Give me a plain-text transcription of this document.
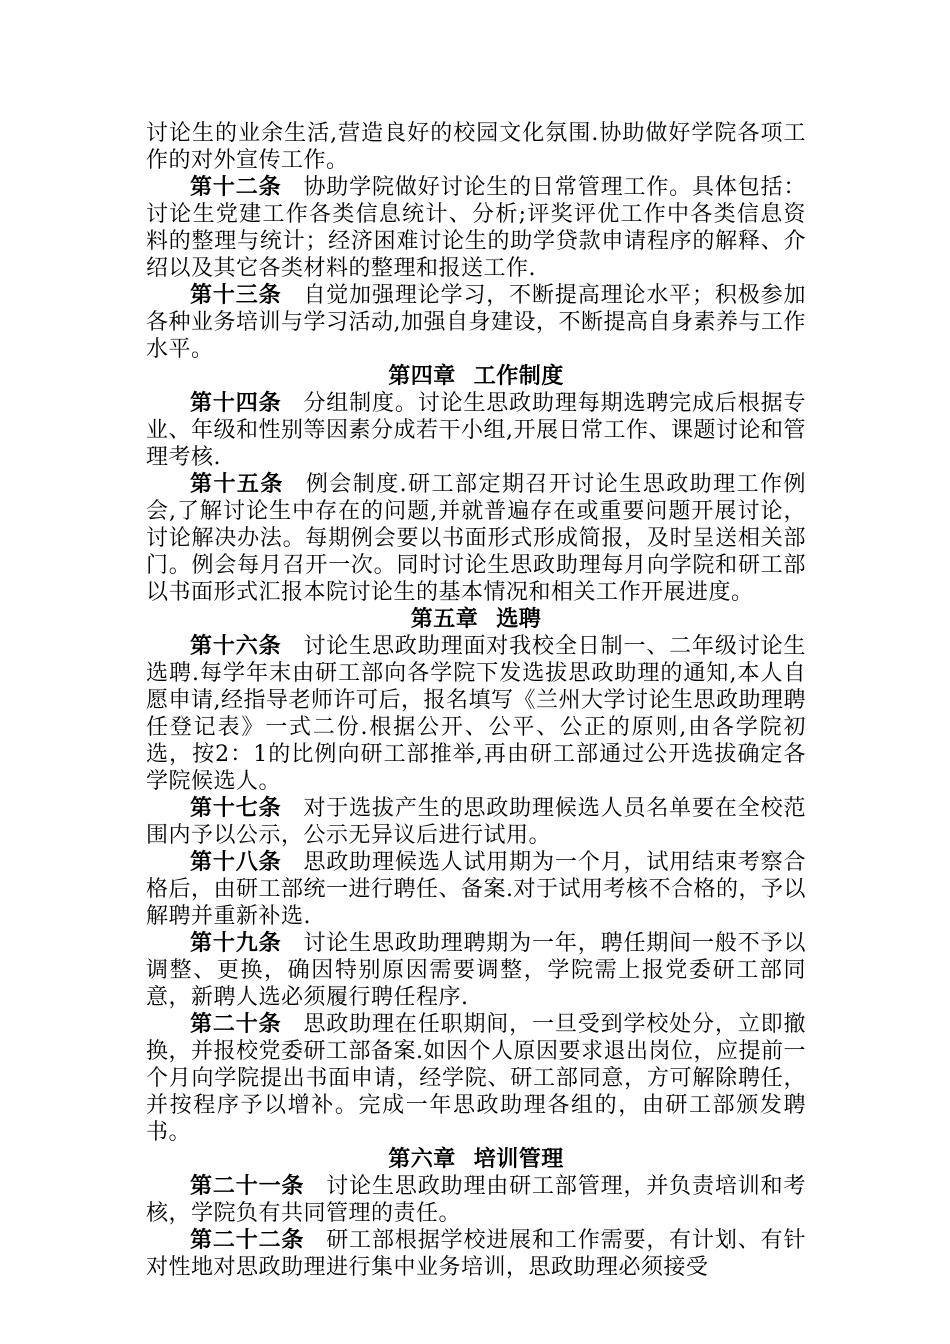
讨论生的业余生活,营造良好的校园文化氛围.协助做好学院各项工作的对外宣传工作。

第十二条 协助学院做好讨论生的日常管理工作。具体包括：讨论生党建工作各类信息统计、分析;评奖评优工作中各类信息资料的整理与统计；经济困难讨论生的助学贷款申请程序的解释、介绍以及其它各类材料的整理和报送工作.

第十三条 自觉加强理论学习，不断提高理论水平；积极参加各种业务培训与学习活动,加强自身建设，不断提高自身素养与工作水平。

第四章 工作制度

第十四条 分组制度。讨论生思政助理每期选聘完成后根据专业、年级和性别等因素分成若干小组,开展日常工作、课题讨论和管理考核.

第十五条 例会制度.研工部定期召开讨论生思政助理工作例会,了解讨论生中存在的问题,并就普遍存在或重要问题开展讨论，讨论解决办法。每期例会要以书面形式形成简报，及时呈送相关部门。例会每月召开一次。同时讨论生思政助理每月向学院和研工部以书面形式汇报本院讨论生的基本情况和相关工作开展进度。

第五章 选聘

第十六条 讨论生思政助理面对我校全日制一、二年级讨论生选聘.每学年末由研工部向各学院下发选拔思政助理的通知,本人自愿申请,经指导老师许可后，报名填写《兰州大学讨论生思政助理聘任登记表》一式二份.根据公开、公平、公正的原则,由各学院初选，按2：1的比例向研工部推举,再由研工部通过公开选拔确定各学院候选人。

第十七条 对于选拔产生的思政助理候选人员名单要在全校范围内予以公示，公示无异议后进行试用。

第十八条 思政助理候选人试用期为一个月，试用结束考察合格后，由研工部统一进行聘任、备案.对于试用考核不合格的，予以解聘并重新补选.

第十九条 讨论生思政助理聘期为一年，聘任期间一般不予以调整、更换，确因特别原因需要调整，学院需上报党委研工部同意，新聘人选必须履行聘任程序.

第二十条 思政助理在任职期间，一旦受到学校处分，立即撤换，并报校党委研工部备案.如因个人原因要求退出岗位，应提前一个月向学院提出书面申请，经学院、研工部同意，方可解除聘任，并按程序予以增补。完成一年思政助理各组的，由研工部颁发聘书。

第六章 培训管理

第二十一条 讨论生思政助理由研工部管理，并负责培训和考核，学院负有共同管理的责任。

第二十二条 研工部根据学校进展和工作需要，有计划、有针对性地对思政助理进行集中业务培训，思政助理必须接受
